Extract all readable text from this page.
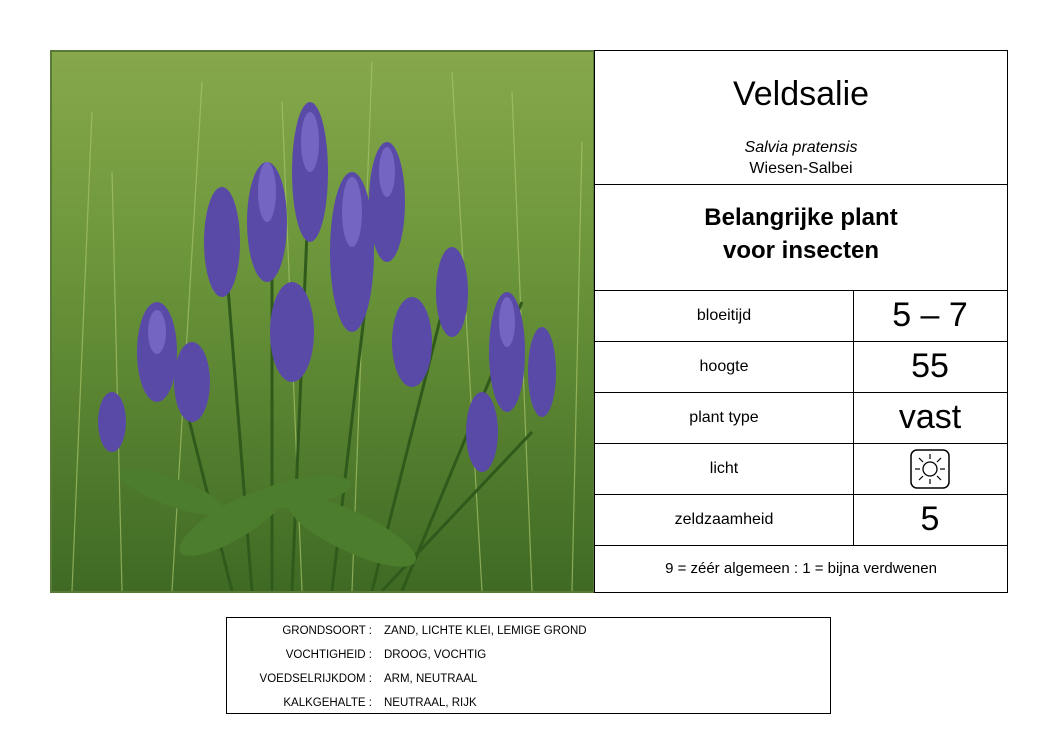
Veldsalie
Salvia pratensis
Wiesen-Salbei
Belangrijke plant
voor insecten
bloeitijd	5 – 7
hoogte	55
plant type	vast
licht
zeldzaamheid	5
9 = zéér algemeen : 1 = bijna verdwenen
GRONDSOORT : ZAND, LICHTE KLEI, LEMIGE GROND
VOCHTIGHEID : DROOG, VOCHTIG
VOEDSELRIJKDOM : ARM, NEUTRAAL
KALKGEHALTE : NEUTRAAL, RIJK
